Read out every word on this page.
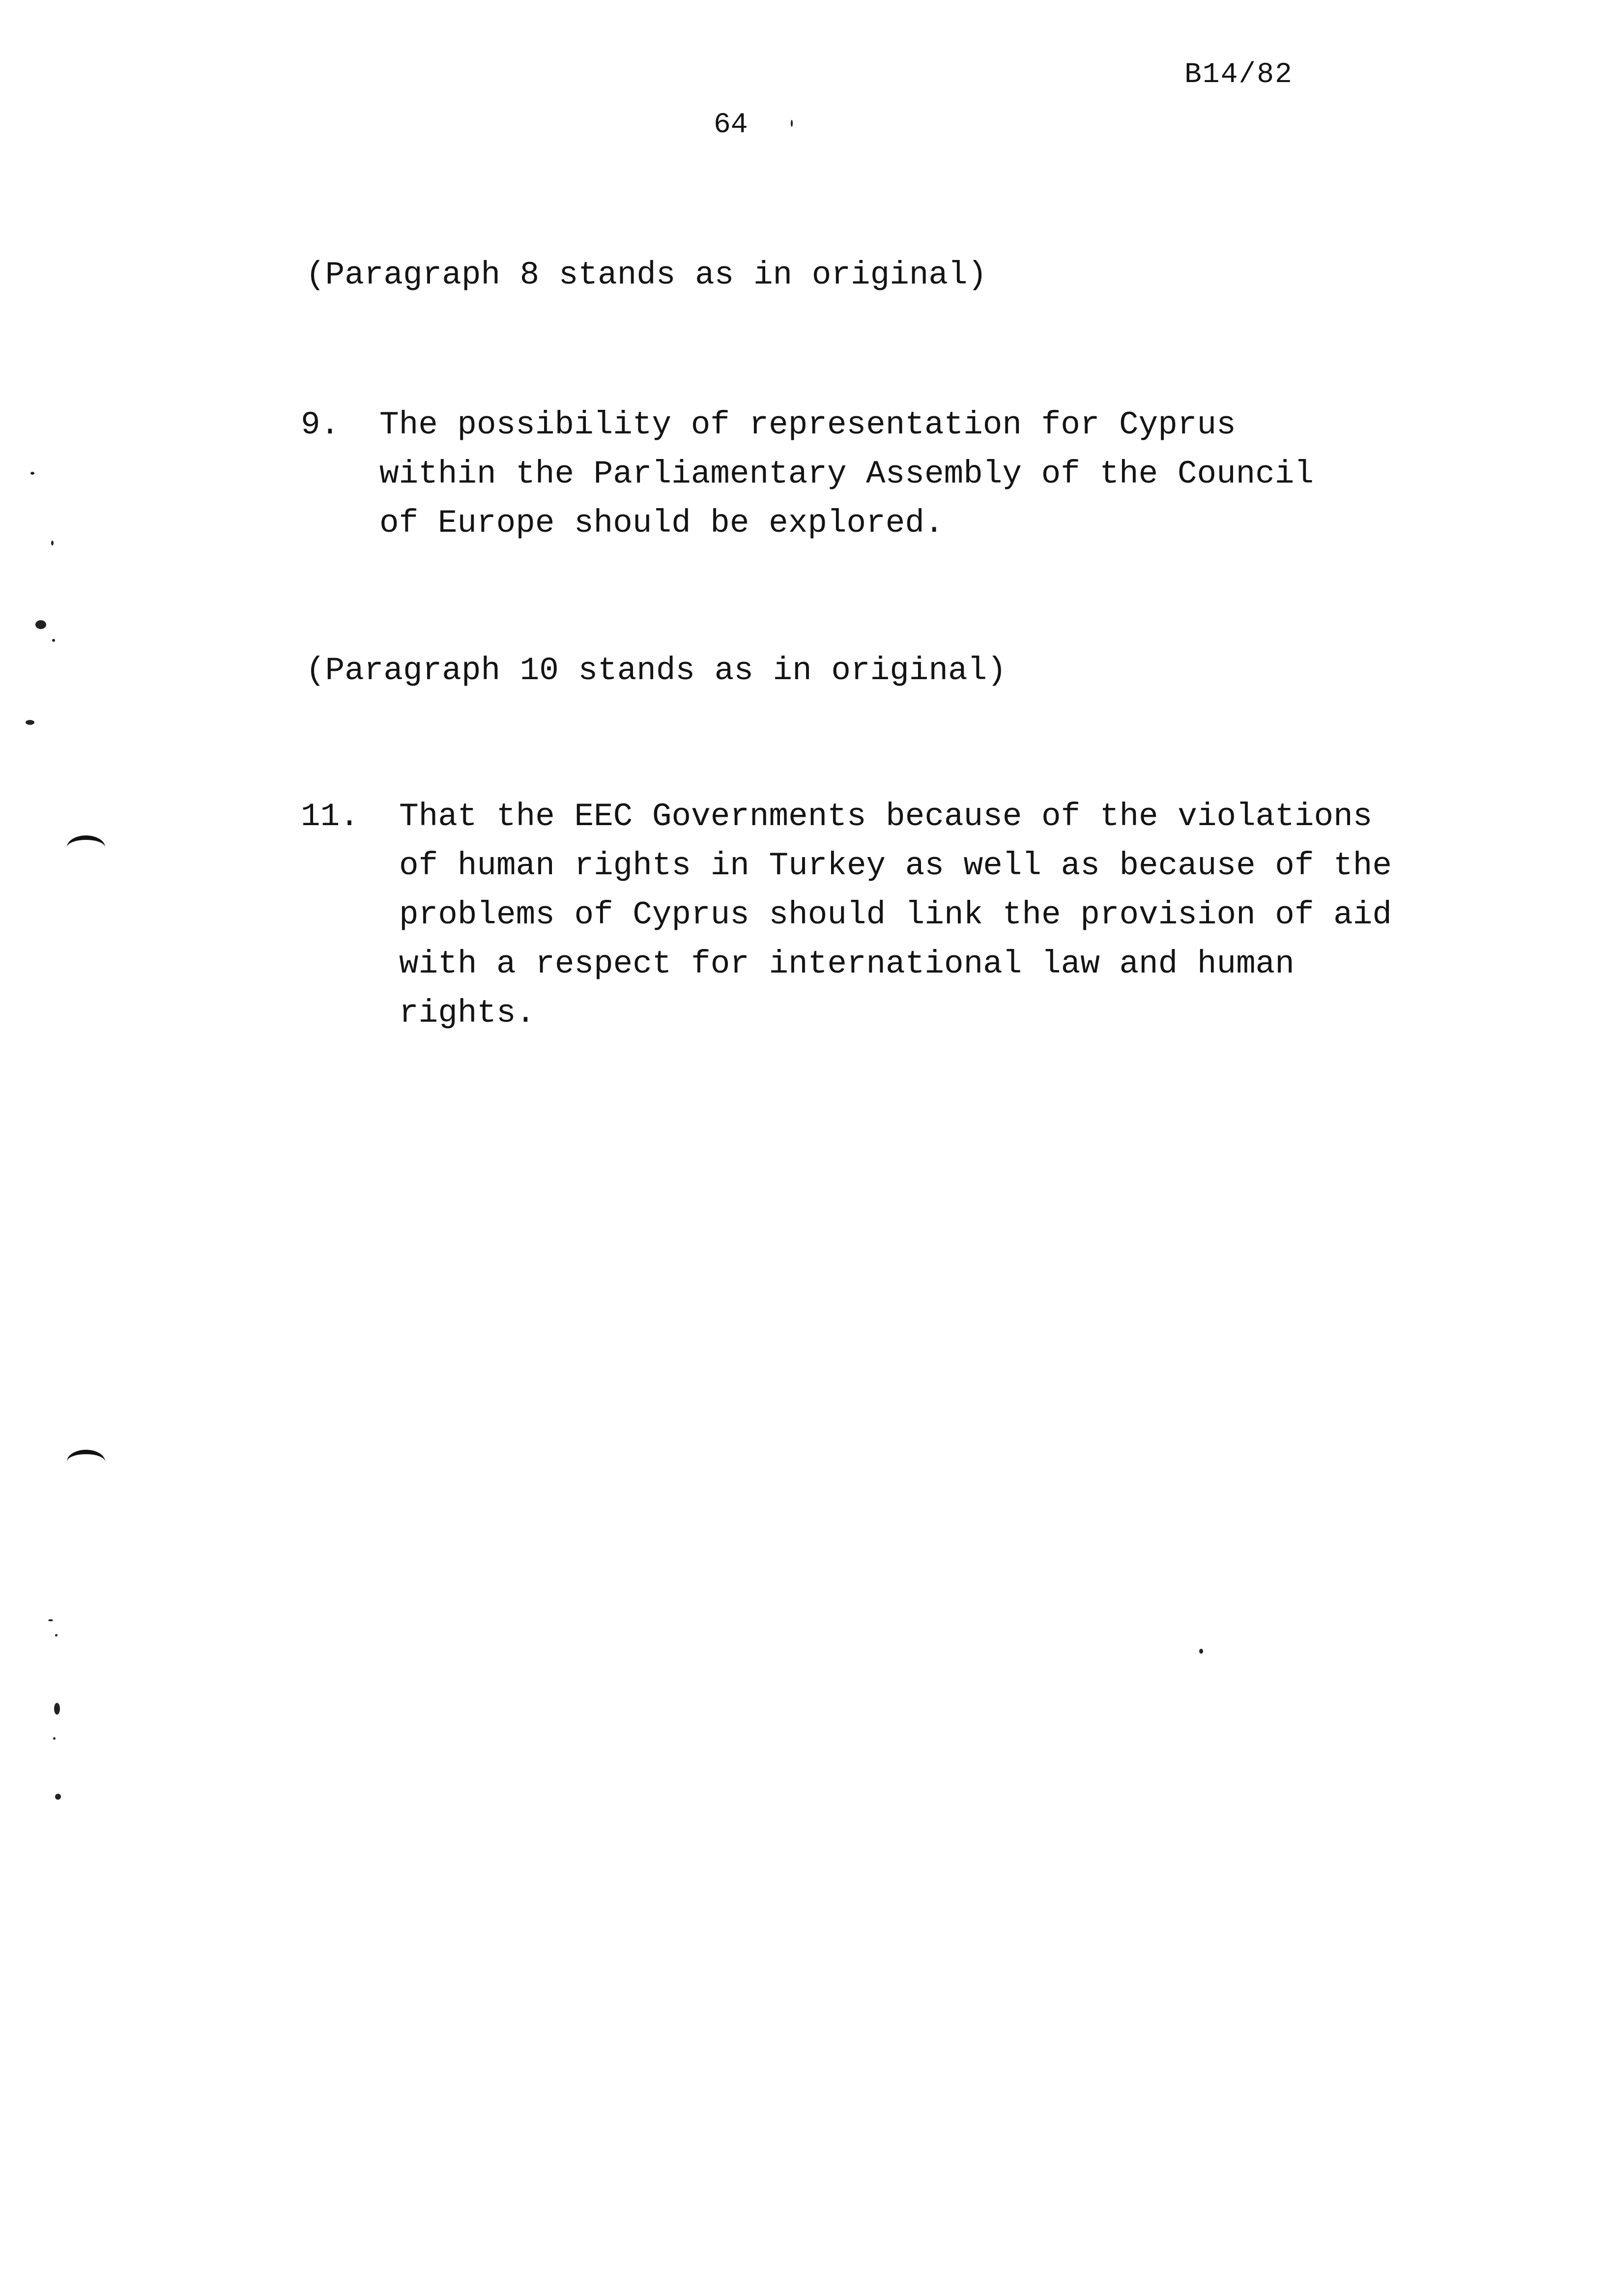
B14/82
64
(Paragraph 8 stands as in original)
9. The possibility of representation for Cyprus
within the Parliamentary Assembly of the Council
of Europe should be explored.
(Paragraph 10 stands as in original)
11. That the EEC Governments because of the violations
of human rights in Turkey as well as because of the
problems of Cyprus should link the provision of aid
with a respect for international law and human
rights.
